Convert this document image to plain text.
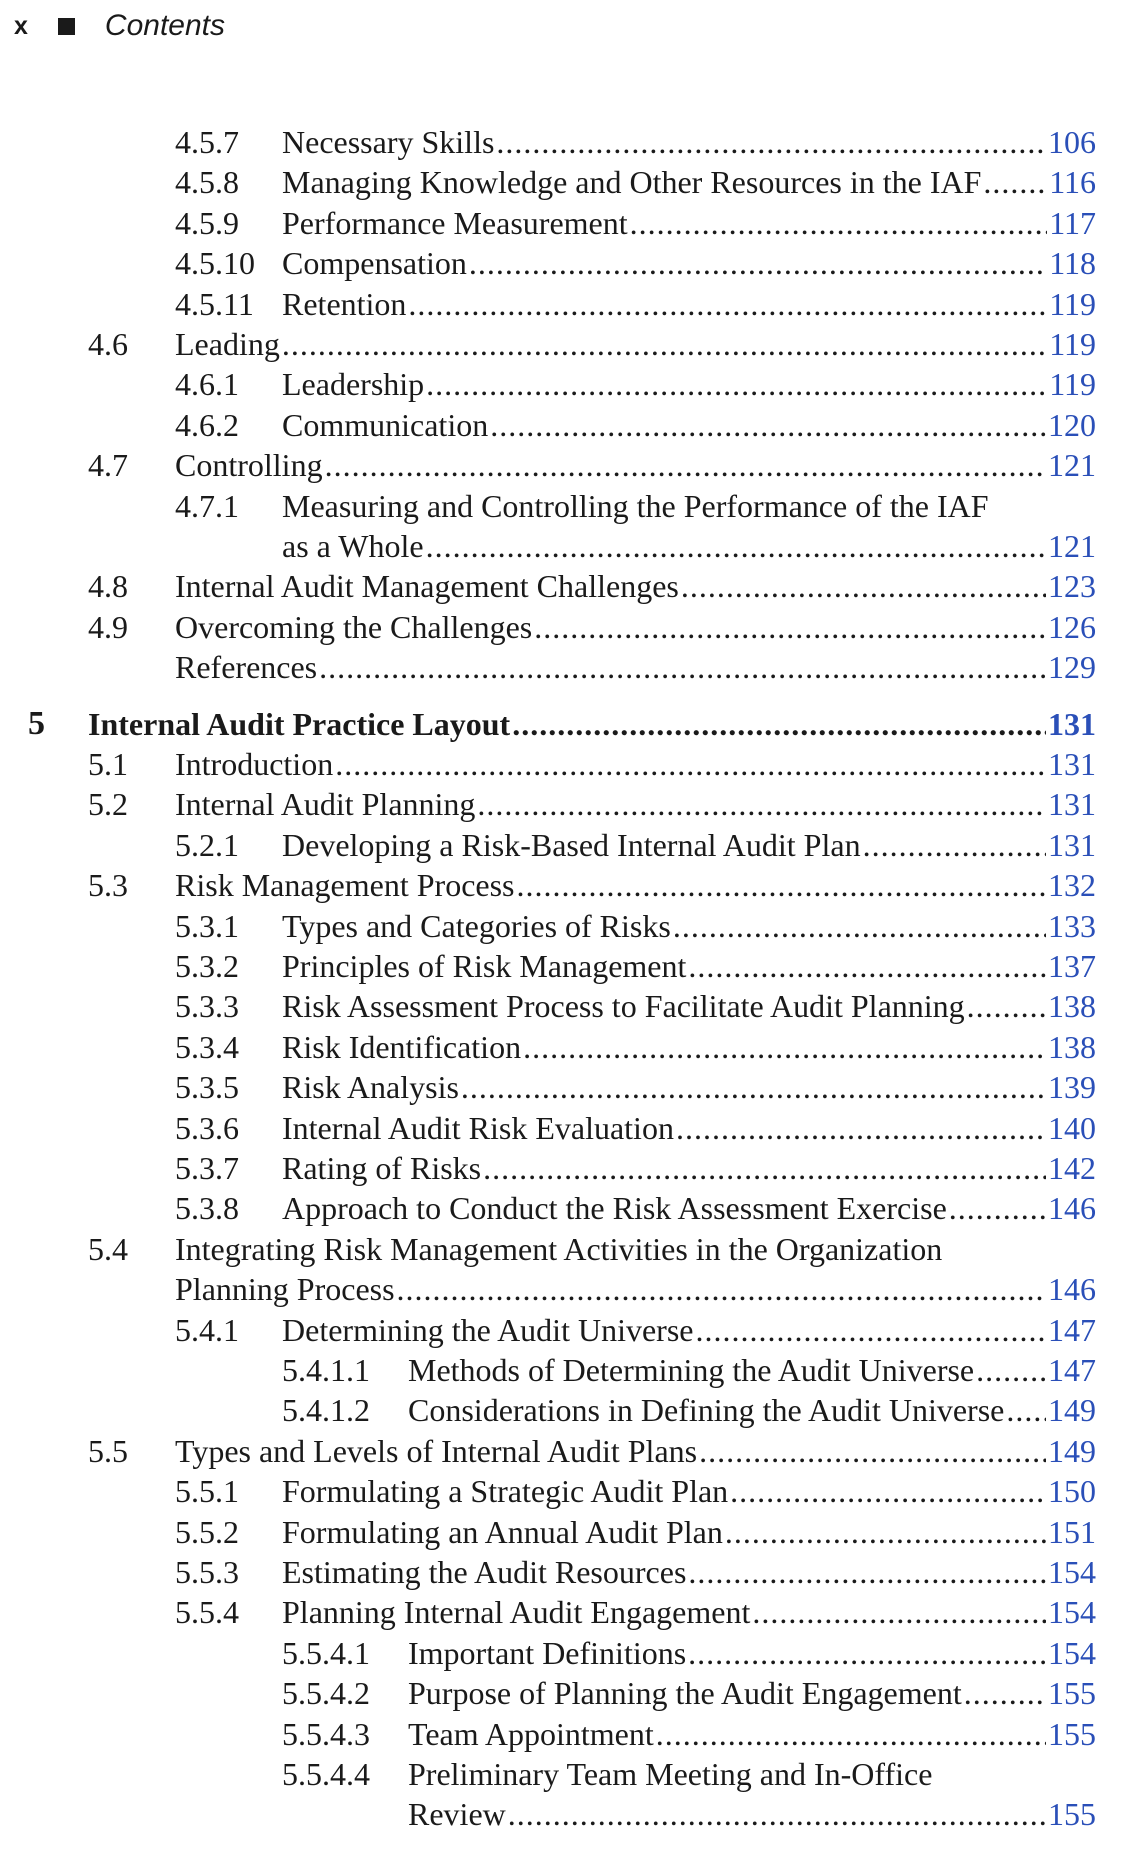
x	Contents
4.5.7 Necessary Skills .....	106
4.5.8 Managing Knowledge and Other Resources in the IAF ..... 116
4.5.9 Performance Measurement .....	117
4.5.10 Compensation .....	118
4.5.11 Retention .....	119
4.6 Leading .....	119
4.6.1 Leadership .....	119
4.6.2 Communication .....	120
4.7 Controlling .....	121
4.7.1 Measuring and Controlling the Performance of the IAF
as a Whole .....	121
4.8 Internal Audit Management Challenges .....	123
4.9 Overcoming the Challenges .....	126
References .....	129
5 Internal Audit Practice Layout .....	131
5.1 Introduction .....	131
5.2 Internal Audit Planning .....	131
5.2.1 Developing a Risk-Based Internal Audit Plan .....	131
5.3 Risk Management Process .....	132
5.3.1 Types and Categories of Risks .....	133
5.3.2 Principles of Risk Management .....	137
5.3.3 Risk Assessment Process to Facilitate Audit Planning .....	138
5.3.4 Risk Identification .....	138
5.3.5 Risk Analysis .....	139
5.3.6 Internal Audit Risk Evaluation .....	140
5.3.7 Rating of Risks .....	142
5.3.8 Approach to Conduct the Risk Assessment Exercise .....	146
5.4 Integrating Risk Management Activities in the Organization
Planning Process .....	146
5.4.1 Determining the Audit Universe .....	147
5.4.1.1 Methods of Determining the Audit Universe ..... 147
5.4.1.2 Considerations in Defining the Audit Universe ..... 149
5.5 Types and Levels of Internal Audit Plans .....	149
5.5.1 Formulating a Strategic Audit Plan .....	150
5.5.2 Formulating an Annual Audit Plan .....	151
5.5.3 Estimating the Audit Resources .....	154
5.5.4 Planning Internal Audit Engagement .....	154
5.5.4.1 Important Definitions .....	154
5.5.4.2 Purpose of Planning the Audit Engagement .....	155
5.5.4.3 Team Appointment .....	155
5.5.4.4 Preliminary Team Meeting and In-Office
Review .....	155
